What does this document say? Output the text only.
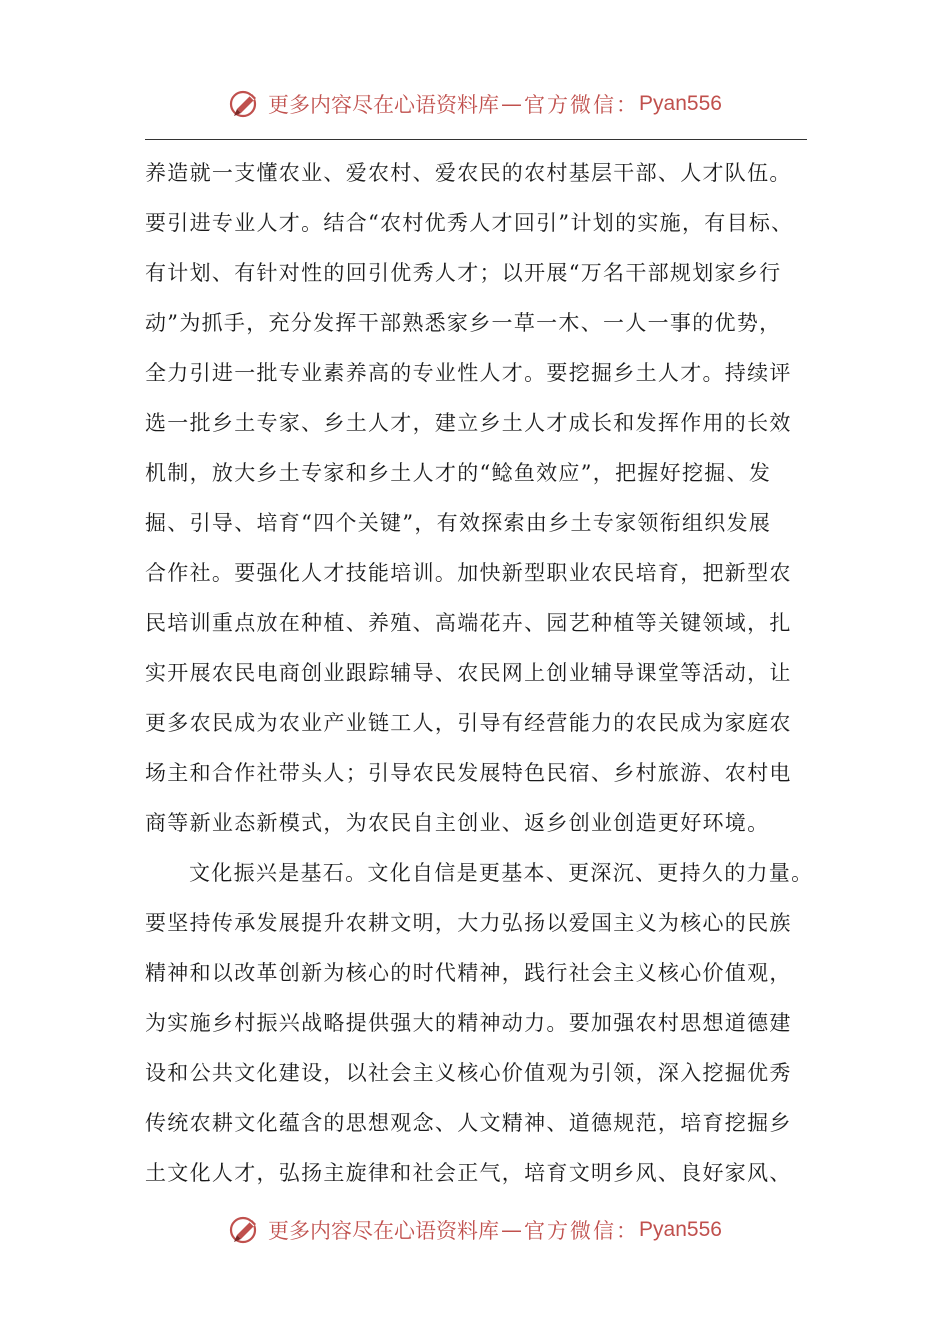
更多内容尽在心语资料库 — 官方微信： Pyan556
养造就一支懂农业、爱农村、爱农民的农村基层干部、人才队伍。
要引进专业人才。结合“农村优秀人才回引”计划的实施，有目标、
有计划、有针对性的回引优秀人才；以开展“万名干部规划家乡行
动”为抓手，充分发挥干部熟悉家乡一草一木、一人一事的优势，
全力引进一批专业素养高的专业性人才。要挖掘乡土人才。持续评
选一批乡土专家、乡土人才，建立乡土人才成长和发挥作用的长效
机制，放大乡土专家和乡土人才的“鲶鱼效应”，把握好挖掘、发
掘、引导、培育“四个关键”，有效探索由乡土专家领衔组织发展
合作社。要强化人才技能培训。加快新型职业农民培育，把新型农
民培训重点放在种植、养殖、高端花卉、园艺种植等关键领域，扎
实开展农民电商创业跟踪辅导、农民网上创业辅导课堂等活动，让
更多农民成为农业产业链工人，引导有经营能力的农民成为家庭农
场主和合作社带头人；引导农民发展特色民宿、乡村旅游、农村电
商等新业态新模式，为农民自主创业、返乡创业创造更好环境。
文化振兴是基石。文化自信是更基本、更深沉、更持久的力量。
要坚持传承发展提升农耕文明，大力弘扬以爱国主义为核心的民族
精神和以改革创新为核心的时代精神，践行社会主义核心价值观，
为实施乡村振兴战略提供强大的精神动力。要加强农村思想道德建
设和公共文化建设，以社会主义核心价值观为引领，深入挖掘优秀
传统农耕文化蕴含的思想观念、人文精神、道德规范，培育挖掘乡
土文化人才，弘扬主旋律和社会正气，培育文明乡风、良好家风、
更多内容尽在心语资料库 — 官方微信： Pyan556
